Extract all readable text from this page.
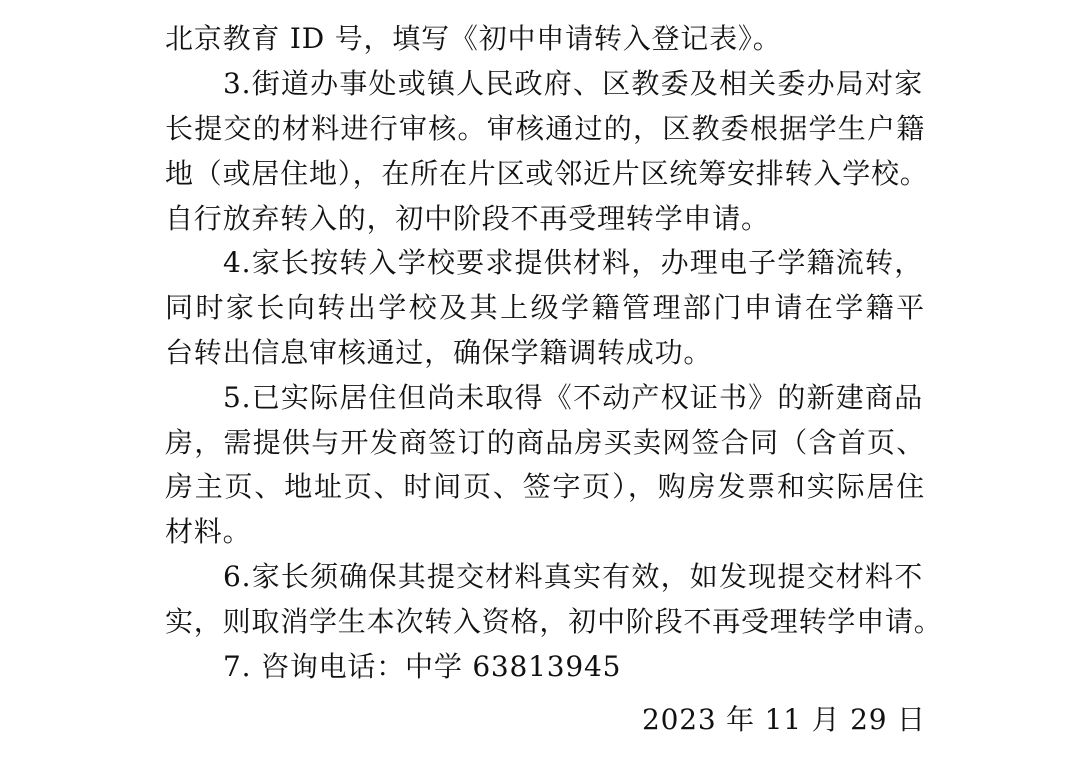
北京教育 ID 号，填写《初中申请转入登记表》。
3.街道办事处或镇人民政府、区教委及相关委办局对家
长提交的材料进行审核。审核通过的，区教委根据学生户籍
地（或居住地），在所在片区或邻近片区统筹安排转入学校。
自行放弃转入的，初中阶段不再受理转学申请。
4.家长按转入学校要求提供材料，办理电子学籍流转，
同时家长向转出学校及其上级学籍管理部门申请在学籍平
台转出信息审核通过，确保学籍调转成功。
5.已实际居住但尚未取得《不动产权证书》的新建商品
房，需提供与开发商签订的商品房买卖网签合同（含首页、
房主页、地址页、时间页、签字页），购房发票和实际居住
材料。
6.家长须确保其提交材料真实有效，如发现提交材料不
实，则取消学生本次转入资格，初中阶段不再受理转学申请。
7. 咨询电话：中学 63813945
2023 年 11 月 29 日
